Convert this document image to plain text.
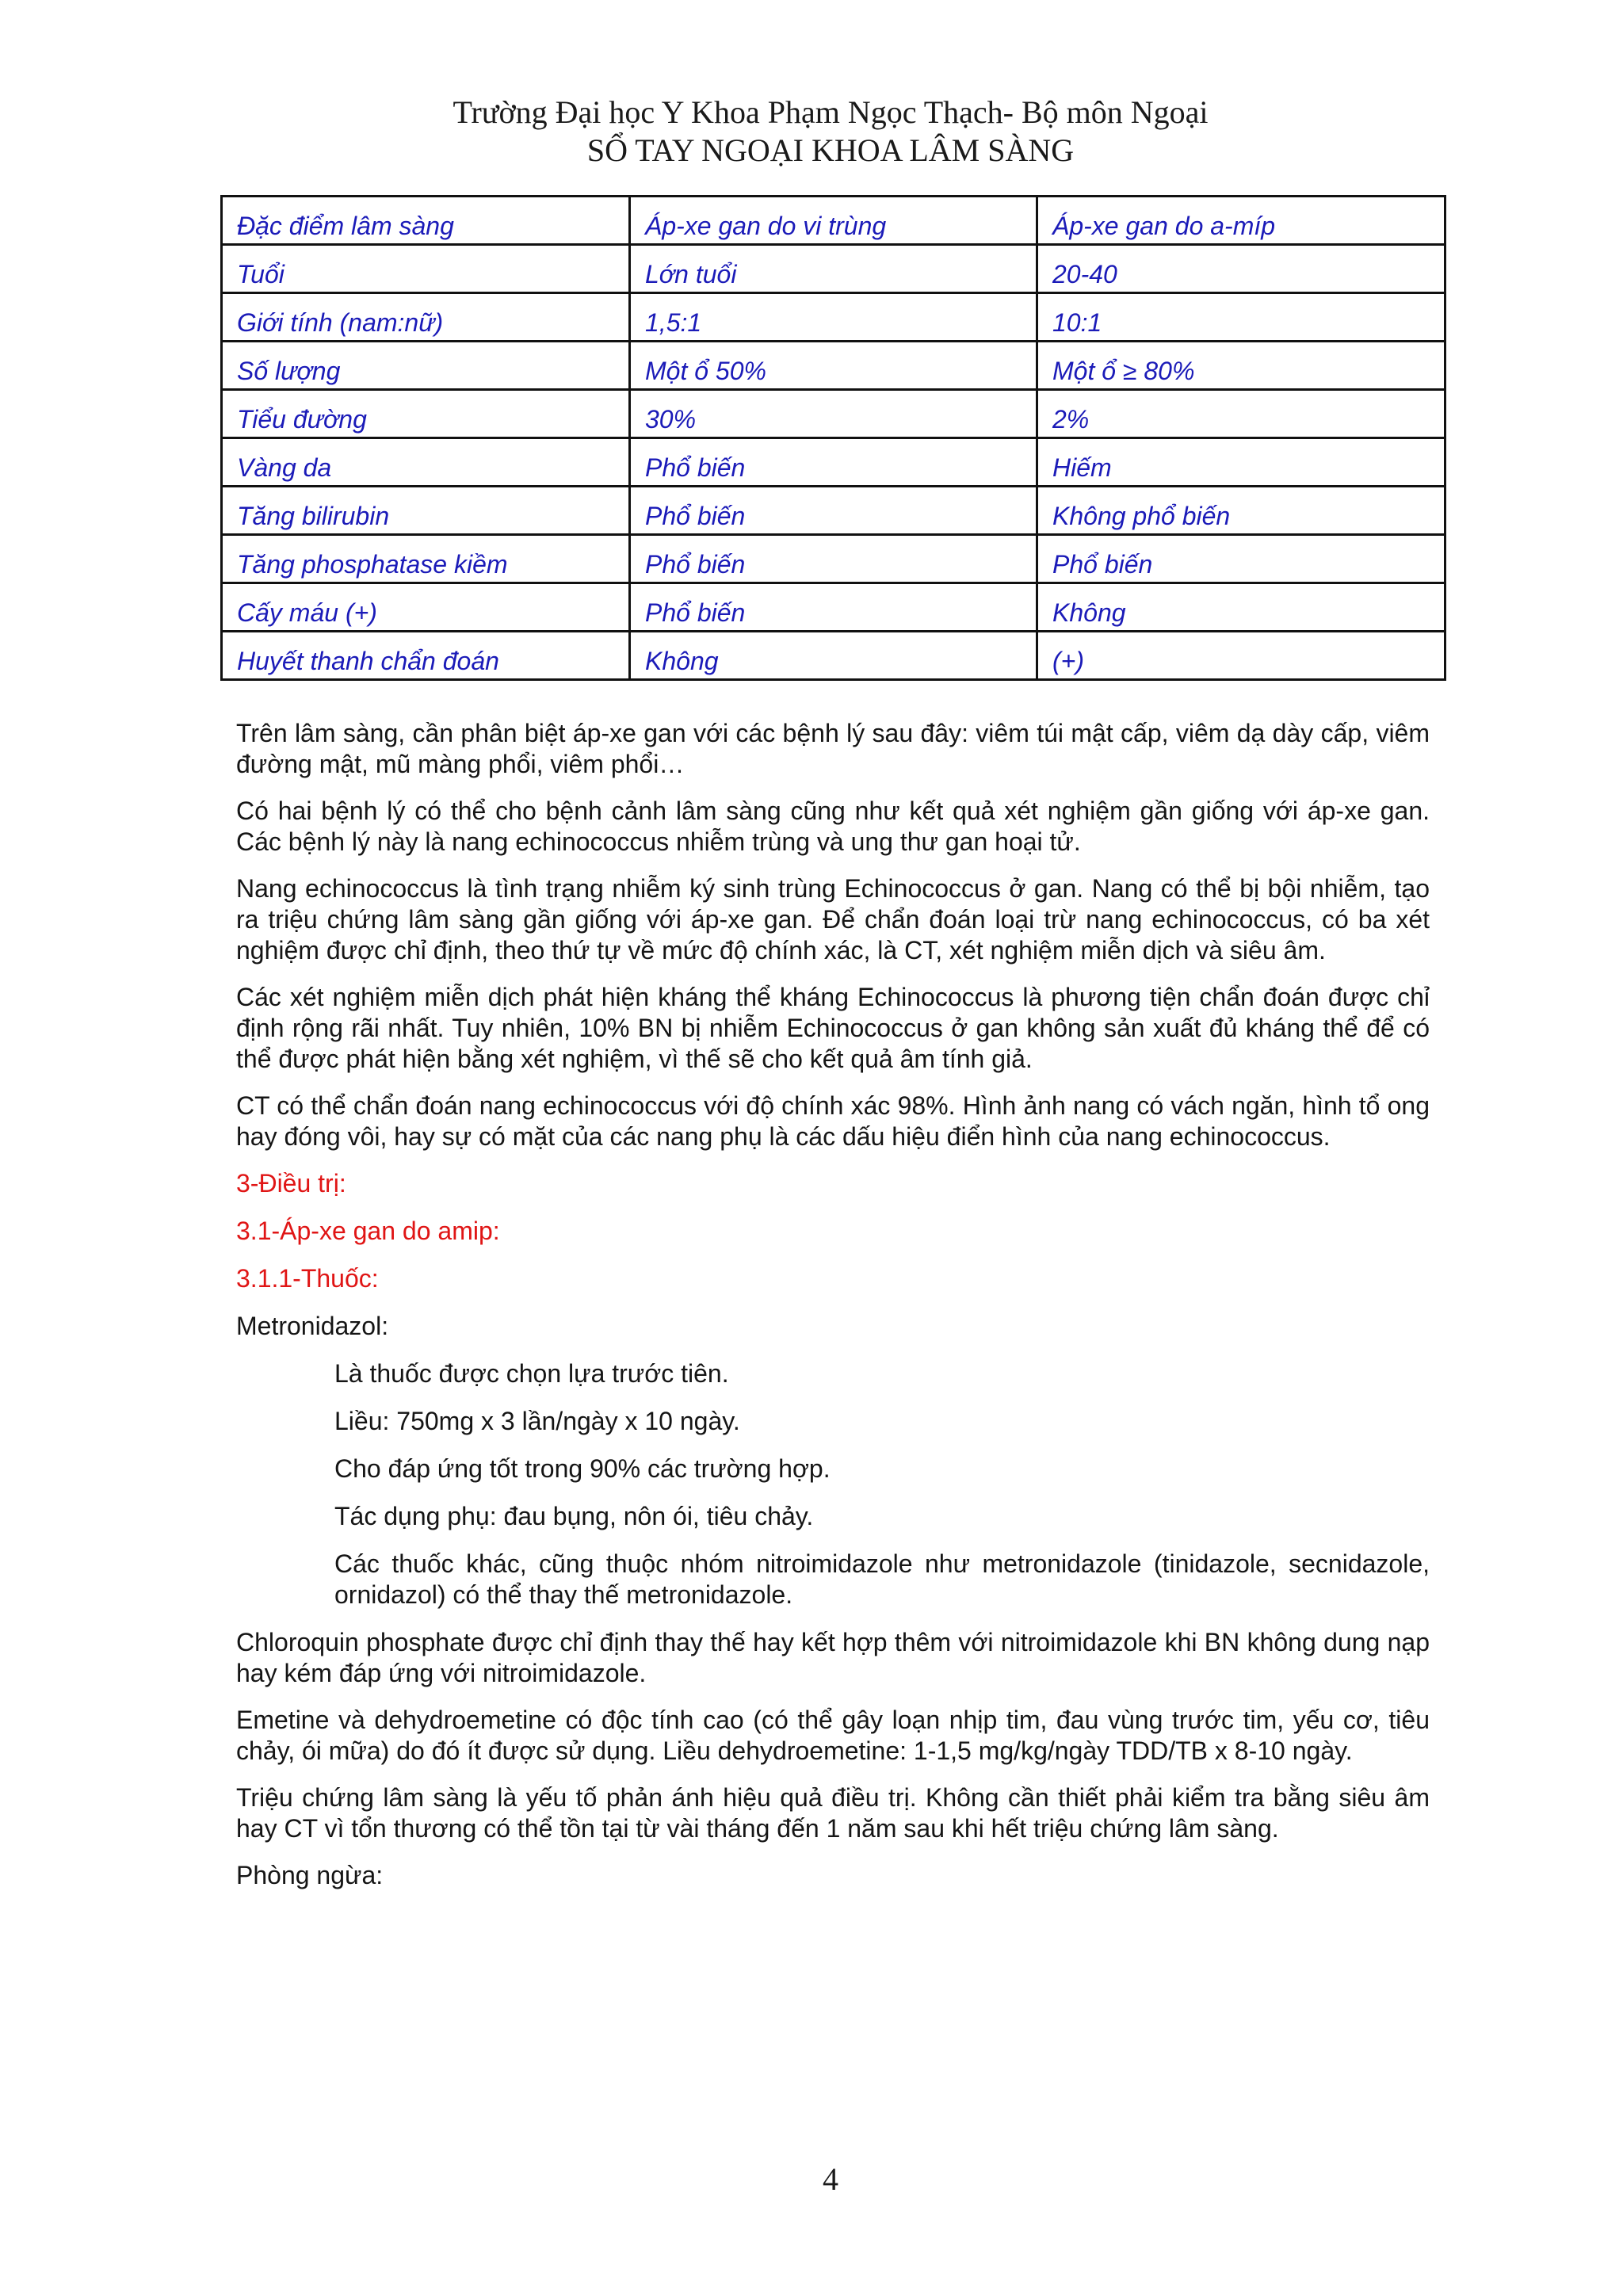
Trường Đại học Y Khoa Phạm Ngọc Thạch- Bộ môn Ngoại
SỔ TAY NGOẠI KHOA LÂM SÀNG
Đặc điểm lâm sàng	Áp-xe gan do vi trùng	Áp-xe gan do a-míp
Tuổi	Lớn tuổi	20-40
Giới tính (nam:nữ)	1,5:1	10:1
Số lượng	Một ổ 50%	Một ổ ≥ 80%
Tiểu đường	30%	2%
Vàng da	Phổ biến	Hiếm
Tăng bilirubin	Phổ biến	Không phổ biến
Tăng phosphatase kiềm	Phổ biến	Phổ biến
Cấy máu (+)	Phổ biến	Không
Huyết thanh chẩn đoán	Không	(+)

Trên lâm sàng, cần phân biệt áp-xe gan với các bệnh lý sau đây: viêm túi mật cấp, viêm dạ dày cấp, viêm đường mật, mũ màng phổi, viêm phổi…

Có hai bệnh lý có thể cho bệnh cảnh lâm sàng cũng như kết quả xét nghiệm gần giống với áp-xe gan. Các bệnh lý này là nang echinococcus nhiễm trùng và ung thư gan hoại tử.

Nang echinococcus là tình trạng nhiễm ký sinh trùng Echinococcus ở gan. Nang có thể bị bội nhiễm, tạo ra triệu chứng lâm sàng gần giống với áp-xe gan. Để chẩn đoán loại trừ nang echinococcus, có ba xét nghiệm được chỉ định, theo thứ tự về mức độ chính xác, là CT, xét nghiệm miễn dịch và siêu âm.

Các xét nghiệm miễn dịch phát hiện kháng thể kháng Echinococcus là phương tiện chẩn đoán được chỉ định rộng rãi nhất. Tuy nhiên, 10% BN bị nhiễm Echinococcus ở gan không sản xuất đủ kháng thể để có thể được phát hiện bằng xét nghiệm, vì thế sẽ cho kết quả âm tính giả.

CT có thể chẩn đoán nang echinococcus với độ chính xác 98%. Hình ảnh nang có vách ngăn, hình tổ ong hay đóng vôi, hay sự có mặt của các nang phụ là các dấu hiệu điển hình của nang echinococcus.

3-Điều trị:

3.1-Áp-xe gan do amip:

3.1.1-Thuốc:

Metronidazol:

Là thuốc được chọn lựa trước tiên.

Liều: 750mg x 3 lần/ngày x 10 ngày.

Cho đáp ứng tốt trong 90% các trường hợp.

Tác dụng phụ: đau bụng, nôn ói, tiêu chảy.

Các thuốc khác, cũng thuộc nhóm nitroimidazole như metronidazole (tinidazole, secnidazole, ornidazol) có thể thay thế metronidazole.

Chloroquin phosphate được chỉ định thay thế hay kết hợp thêm với nitroimidazole khi BN không dung nạp hay kém đáp ứng với nitroimidazole.

Emetine và dehydroemetine có độc tính cao (có thể gây loạn nhịp tim, đau vùng trước tim, yếu cơ, tiêu chảy, ói mữa) do đó ít được sử dụng. Liều dehydroemetine: 1-1,5 mg/kg/ngày TDD/TB x 8-10 ngày.

Triệu chứng lâm sàng là yếu tố phản ánh hiệu quả điều trị. Không cần thiết phải kiểm tra bằng siêu âm hay CT vì tổn thương có thể tồn tại từ vài tháng đến 1 năm sau khi hết triệu chứng lâm sàng.

Phòng ngừa:

4
